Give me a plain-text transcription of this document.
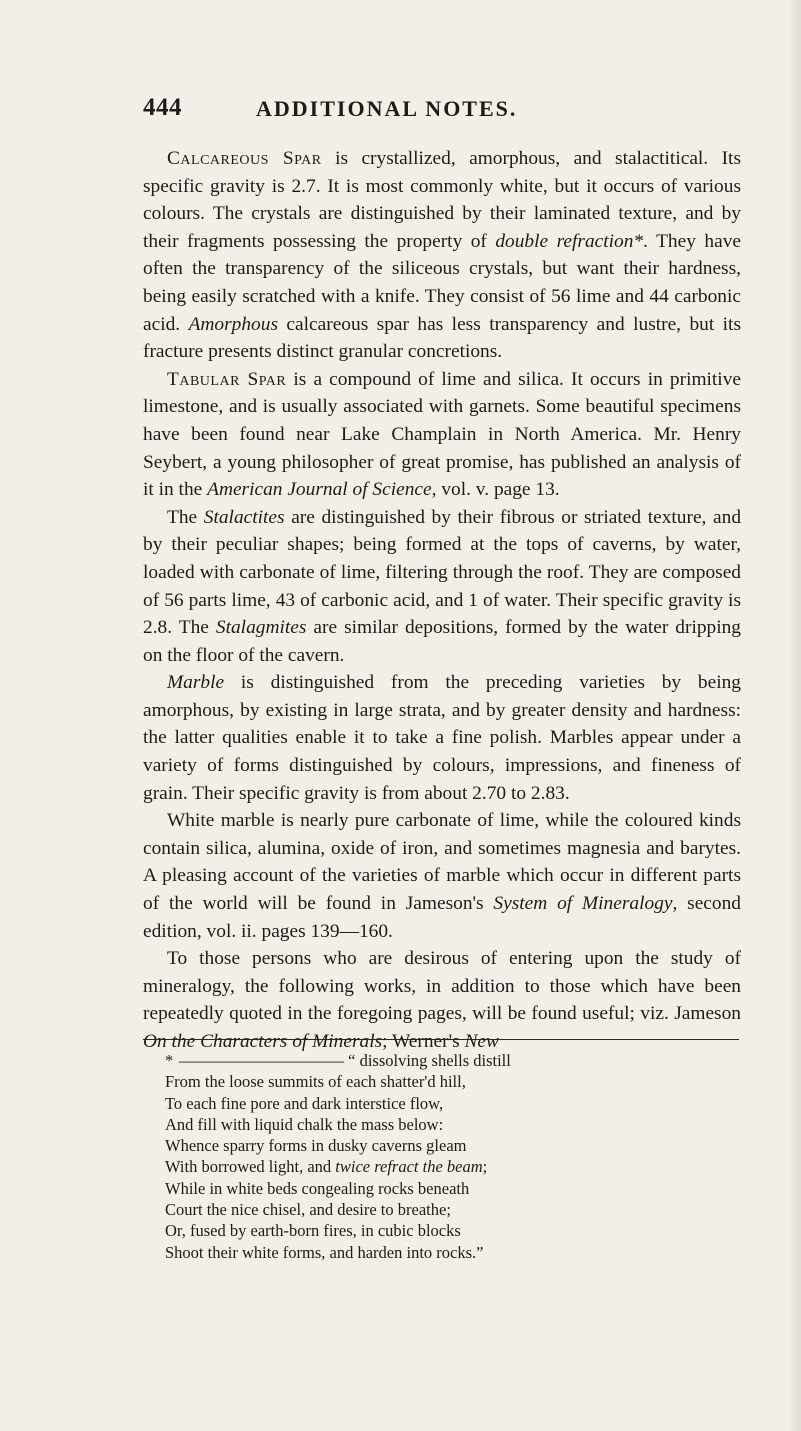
444	ADDITIONAL NOTES.

Calcareous Spar is crystallized, amorphous, and stalactitical. Its specific gravity is 2.7. It is most commonly white, but it occurs of various colours. The crystals are distinguished by their laminated texture, and by their fragments possessing the property of double refraction*. They have often the transparency of the siliceous crystals, but want their hardness, being easily scratched with a knife. They consist of 56 lime and 44 carbonic acid. Amorphous calcareous spar has less transparency and lustre, but its fracture presents distinct granular concretions.

Tabular Spar is a compound of lime and silica. It occurs in primitive limestone, and is usually associated with garnets. Some beautiful specimens have been found near Lake Champlain in North America. Mr. Henry Seybert, a young philosopher of great promise, has published an analysis of it in the American Journal of Science, vol. v. page 13.

The Stalactites are distinguished by their fibrous or striated texture, and by their peculiar shapes; being formed at the tops of caverns, by water, loaded with carbonate of lime, filtering through the roof. They are composed of 56 parts lime, 43 of carbonic acid, and 1 of water. Their specific gravity is 2.8. The Stalagmites are similar depositions, formed by the water dripping on the floor of the cavern.

Marble is distinguished from the preceding varieties by being amorphous, by existing in large strata, and by greater density and hardness: the latter qualities enable it to take a fine polish. Marbles appear under a variety of forms distinguished by colours, impressions, and fineness of grain. Their specific gravity is from about 2.70 to 2.83.

White marble is nearly pure carbonate of lime, while the coloured kinds contain silica, alumina, oxide of iron, and sometimes magnesia and barytes. A pleasing account of the varieties of marble which occur in different parts of the world will be found in Jameson's System of Mineralogy, second edition, vol. ii. pages 139—160.

To those persons who are desirous of entering upon the study of mineralogy, the following works, in addition to those which have been repeatedly quoted in the foregoing pages, will be found useful; viz. Jameson On the Characters of Minerals; Werner's New

* —————————— “ dissolving shells distill

From the loose summits of each shatter'd hill,

To each fine pore and dark interstice flow,

And fill with liquid chalk the mass below:

Whence sparry forms in dusky caverns gleam

With borrowed light, and twice refract the beam;

While in white beds congealing rocks beneath

Court the nice chisel, and desire to breathe;

Or, fused by earth-born fires, in cubic blocks

Shoot their white forms, and harden into rocks.”
